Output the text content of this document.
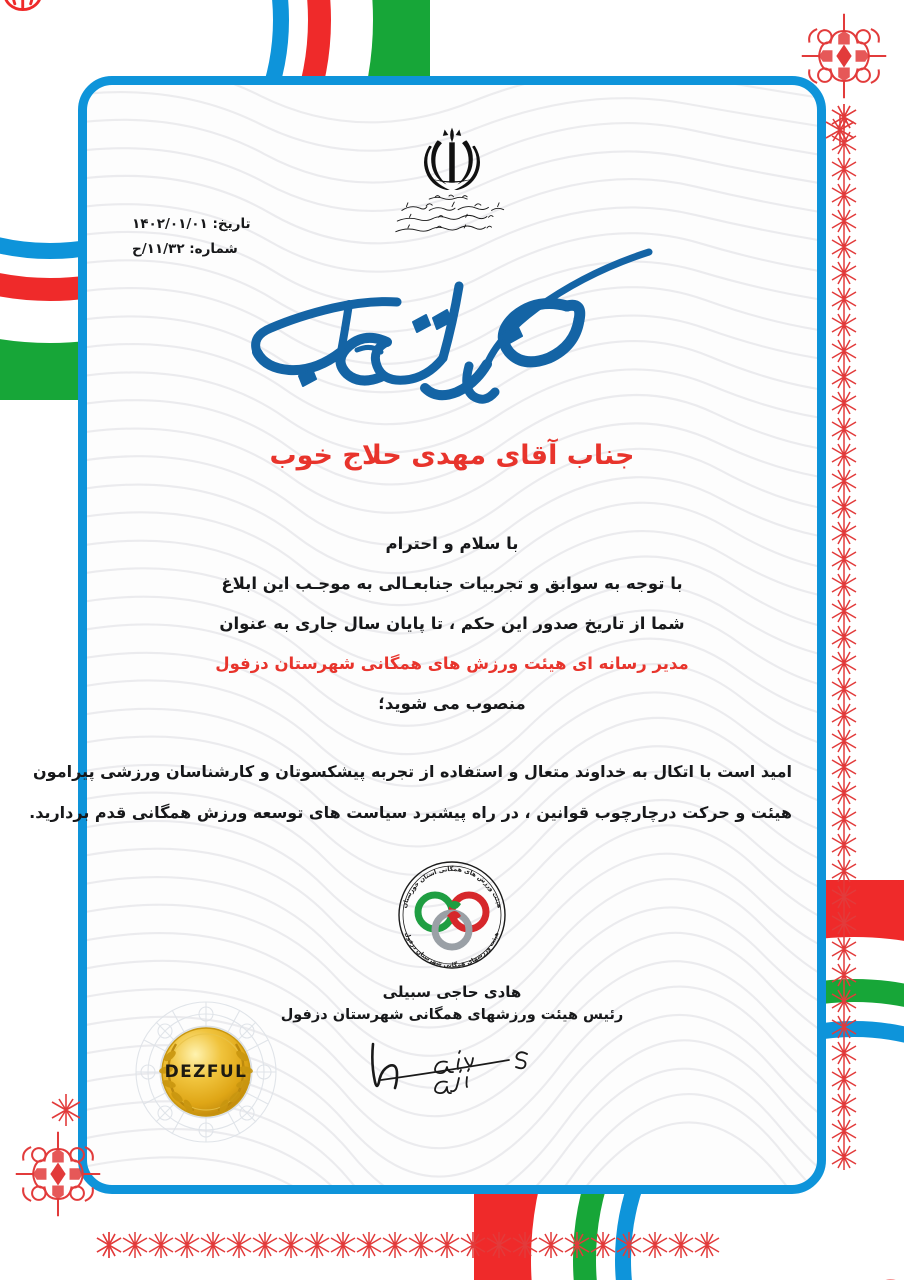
تاریخ: ۱۴۰۲/۰۱/۰۱
شماره: ۱۱/۳۲/ح
جناب آقای مهدی حلاج خوب
با سلام و احترام
با توجه به سوابق و تجربیات جنابعـالی به موجـب این ابلاغ
شما از تاریخ صدور این حکم ، تا پایان سال جاری به عنوان
مدیر رسانه ای هیئت ورزش های همگانی شهرستان دزفول
منصوب می شوید؛
امید است با اتکال به خداوند متعال و استفاده از تجربه پیشکسوتان و کارشناسان ورزشی پیرامون
هیئت و حرکت درچارچوب قوانین ، در راه پیشبرد سیاست های توسعه ورزش همگانی قدم بردارید.
هیئت ورزش های همگانی استان خوزستان
هیئت ورزشهای همگانی شهرستان دزفول
هادی حاجی سبیلی
رئیس هیئت ورزشهای همگانی شهرستان دزفول
DEZFUL
